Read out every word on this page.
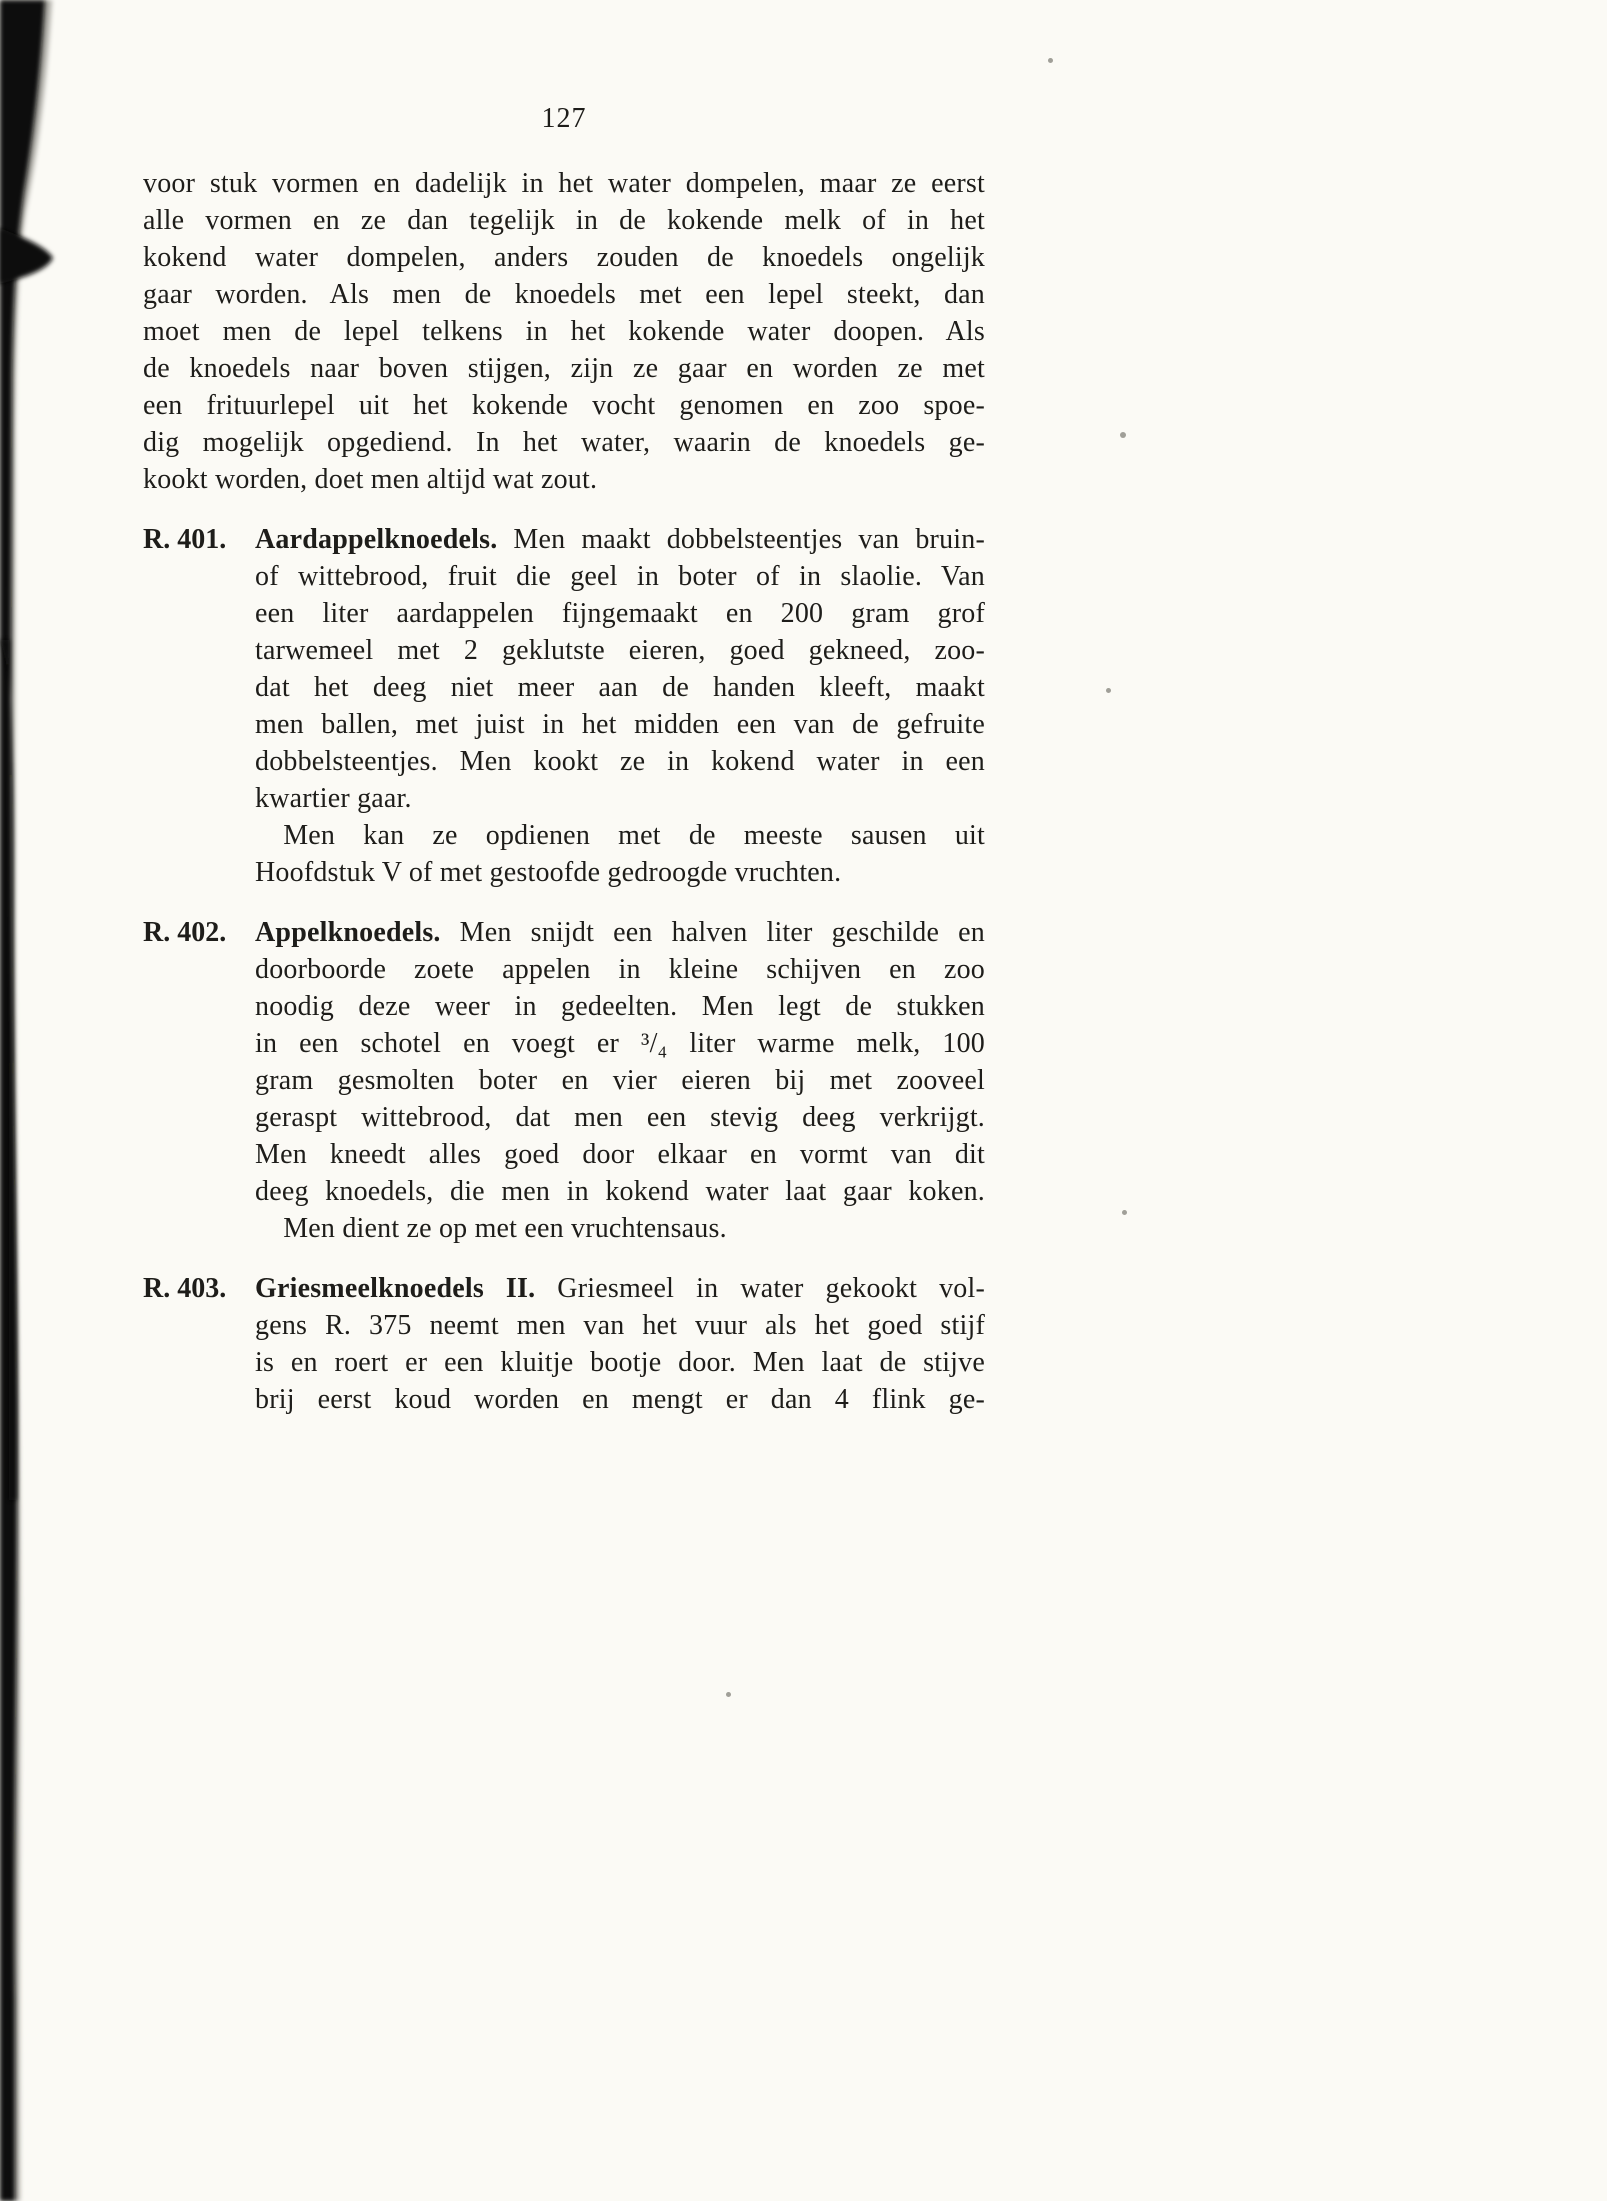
127
voor stuk vormen en dadelijk in het water dompelen, maar ze eerst
alle vormen en ze dan tegelijk in de kokende melk of in het
kokend water dompelen, anders zouden de knoedels ongelijk
gaar worden. Als men de knoedels met een lepel steekt, dan
moet men de lepel telkens in het kokende water doopen. Als
de knoedels naar boven stijgen, zijn ze gaar en worden ze met
een frituurlepel uit het kokende vocht genomen en zoo spoe-
dig mogelijk opgediend. In het water, waarin de knoedels ge-
kookt worden, doet men altijd wat zout.
R. 401. Aardappelknoedels. Men maakt dobbelsteentjes van bruin-
of wittebrood, fruit die geel in boter of in slaolie. Van
een liter aardappelen fijngemaakt en 200 gram grof
tarwemeel met 2 geklutste eieren, goed gekneed, zoo-
dat het deeg niet meer aan de handen kleeft, maakt
men ballen, met juist in het midden een van de gefruite
dobbelsteentjes. Men kookt ze in kokend water in een
kwartier gaar.
 Men kan ze opdienen met de meeste sausen uit
Hoofdstuk V of met gestoofde gedroogde vruchten.
R. 402. Appelknoedels. Men snijdt een halven liter geschilde en
doorboorde zoete appelen in kleine schijven en zoo
noodig deze weer in gedeelten. Men legt de stukken
in een schotel en voegt er ³/₄ liter warme melk, 100
gram gesmolten boter en vier eieren bij met zooveel
geraspt wittebrood, dat men een stevig deeg verkrijgt.
Men kneedt alles goed door elkaar en vormt van dit
deeg knoedels, die men in kokend water laat gaar koken.
 Men dient ze op met een vruchtensaus.
R. 403. Griesmeelknoedels II. Griesmeel in water gekookt vol-
gens R. 375 neemt men van het vuur als het goed stijf
is en roert er een kluitje bootje door. Men laat de stijve
brij eerst koud worden en mengt er dan 4 flink ge-
